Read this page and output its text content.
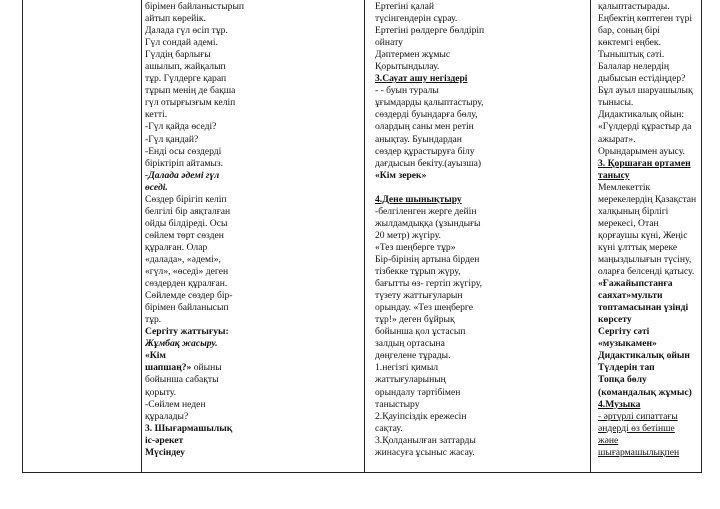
бірімен байланыстырып
айтып көрейік.
Далада гүл өсіп тұр.
Гүл сондай әдемі.
Гүлдің барлығы
ашылып, жайқалып
тұр. Гүлдерге қарап
тұрып менің де бақша
гүл отырғызғым келіп
кетті.
-Гүл қайда өседі?
-Гүл қандай?
-Енді осы сөздерді
біріктіріп айтамыз.
-Далада әдемі гүл
өседі.
Сөздер бірігіп келіп
белгілі бір аяқталған
ойды білдіреді. Осы
сөйлем төрт сөзден
құралған. Олар
«далада», «әдемі»,
«гүл», «өседі» деген
сөздерден құралған.
Сөйлемде сөздер бір-
бірімен байланысып
тұр.
Сергіту жаттығуы:
Жұмбақ жасыру.
«Кім
шапшаң?» ойыны
бойынша сабақты
қорыту.
-Сөйлем неден
құралады?
3. Шығармашылық
іс-әрекет
Мүсіндеу
Ертегіні қалай
түсінгендерін сұрау.
Ертегіні рөлдерге бөлдіріп
ойнату
Дәптермен жұмыс
Қорытындылау.
3.Сауат ашу негіздері
- - буын туралы
ұғымдарды қалыптастыру,
сөздерді буындарға бөлу,
олардың саны мен ретін
анықтау. Буындардан
сөздер құрастыруға білу
дағдысын бекіту.(ауызша)
«Кім зерек»
4.Дене шынықтыру
-белгіленген жерге дейін
жылдамдыққа (ұзындығы
20 метр) жүгіру.
«Тез шеңберге тұр»
Бір-бірінің артына бірден
тізбекке тұрып жүру,
бағытты өз- гертіп жүгіру,
түзету жаттығуларын
орындау. «Тез шеңберге
тұр!» деген бұйрық
бойынша қол ұстасып
залдың ортасына
дөңгелене тұрады.
1.негізгі қимыл
жаттығуларының
орындалу тәртібімен
таныстыру
2.Қауіпсіздік ережесін
сақтау.
3.Қолданылған заттарды
жинасуға ұсыныс жасау.
қалыптастырады.
Еңбектің көптеген түрі
бар, соның бірі
көктемгі еңбек.
Тыныштық сәті.
Балалар нелердің
дыбысын естідіңдер?
Бұл ауыл шаруашылық
тынысы.
Дидактикалық ойын:
«Гүлдерді құрастыр да
ажырат».
Орындарымен ауысу.
3. Қоршаған ортамен
танысу
Мемлекеттік
мерекелердің Қазақстан
халқының бірлігі
мерекесі, Отан
қорғаушы күні, Жеңіс
күні ұлттық мереке
маңыздылығын түсіну,
оларға белсенді қатысу.
«Ғажайыпстанға
саяхат»мульти
топтамасынан үзінді
көрсету
Сергіту сәті
«музыкамен»
Дидактикалық ойын
Түлдерін тап
Топқа бөлу
(командалық жұмыс)
4.Музыка
- әртүрлі сипаттағы
әндерді өз бетінше
және
шығармашылықпен
